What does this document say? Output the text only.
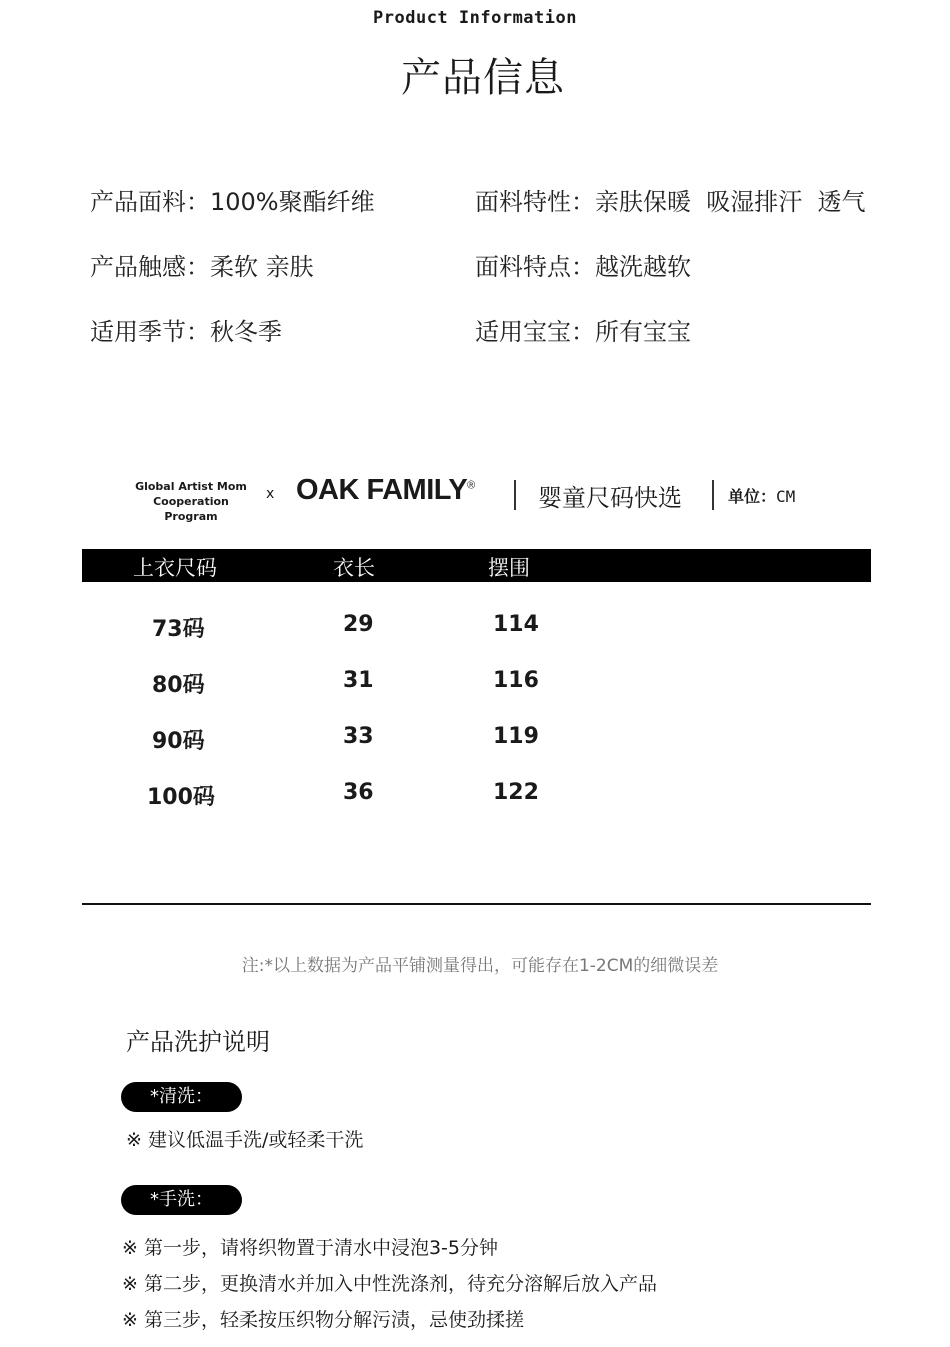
Product Information
产品信息
产品面料：100%聚酯纤维
产品触感：柔软 亲肤
适用季节：秋冬季
面料特性：亲肤保暖  吸湿排汗  透气
面料特点：越洗越软
适用宝宝：所有宝宝
Global Artist Mom
Cooperation Program
x OAK FAMILY®	婴童尺码快选	单位：CM
上衣尺码	衣长	摆围
73码	29	114
80码	31	116
90码	33	119
100码	36	122
注:*以上数据为产品平铺测量得出，可能存在1-2CM的细微误差
产品洗护说明
*清洗：
※ 建议低温手洗/或轻柔干洗
*手洗：
※ 第一步，请将织物置于清水中浸泡3-5分钟
※ 第二步，更换清水并加入中性洗涤剂，待充分溶解后放入产品
※ 第三步，轻柔按压织物分解污渍，忌使劲揉搓
